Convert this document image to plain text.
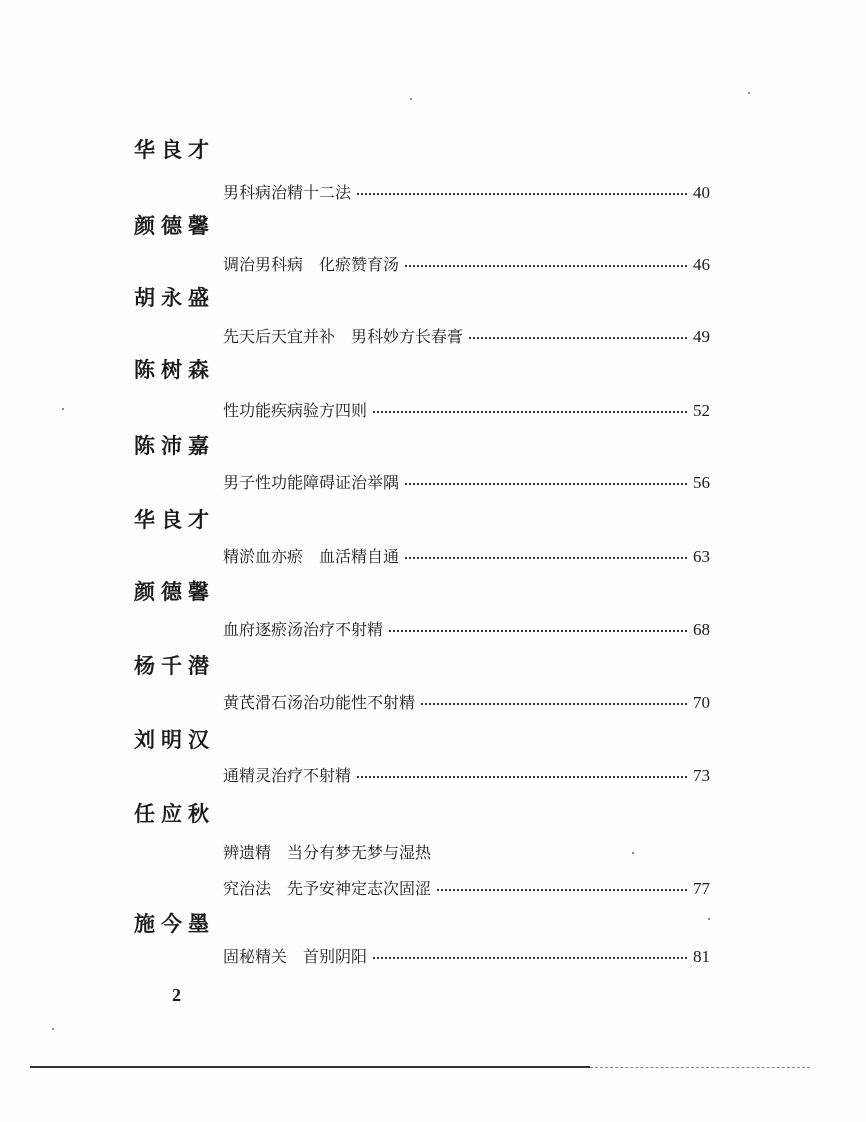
华良才
男科病治精十二法	40
颜德馨
调治男科病　化瘀赞育汤	46
胡永盛
先天后天宜并补　男科妙方长春膏	49
陈树森
性功能疾病验方四则	52
陈沛嘉
男子性功能障碍证治举隅	56
华良才
精淤血亦瘀　血活精自通	63
颜德馨
血府逐瘀汤治疗不射精	68
杨千潜
黄芪滑石汤治功能性不射精	70
刘明汉
通精灵治疗不射精	73
任应秋
辨遗精　当分有梦无梦与湿热
究治法　先予安神定志次固涩	77
施今墨
固秘精关　首别阴阳	81
2
